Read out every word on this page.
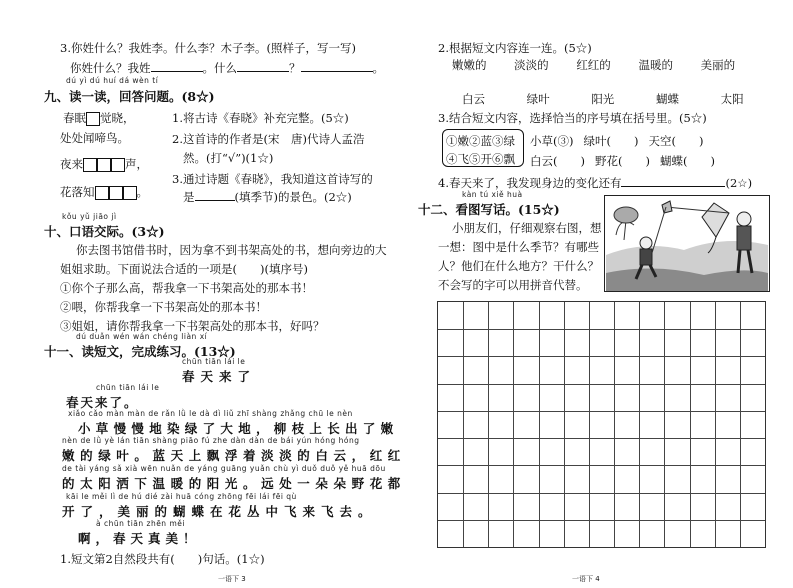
3.你姓什么？我姓李。什么李？木子李。(照样子，写一写)
你姓什么？我姓	。什么	？	。
dú yì dú huí dá wèn tí
九、读一读，回答问题。(8☆)
春眠 觉晓，
处处闻啼鸟。
夜来	声，
花落知	。
1.将古诗《春晓》补充完整。(5☆)
2.这首诗的作者是(宋　唐)代诗人孟浩
然。(打“√”)(1☆)
3.通过诗题《春晓》，我知道这首诗写的
是	(填季节)的景色。(2☆)
kǒu yǔ jiāo jì
十、口语交际。(3☆)
你去图书馆借书时，因为拿不到书架高处的书，想向旁边的大
姐姐求助。下面说法合适的一项是(　　)(填序号)
①你个子那么高，帮我拿一下书架高处的那本书！
②喂，你帮我拿一下书架高处的那本书！
③姐姐，请你帮我拿一下书架高处的那本书，好吗？
dú duǎn wén wán chéng liàn xí
十一、读短文，完成练习。(13☆)
chūn tiān lái le
春天来了
chūn tiān lái le
春天来了。
xiǎo cǎo màn màn de rǎn lǜ le dà dì liǔ zhī shàng zhǎng chū le nèn
小草慢慢地染绿了大地，柳枝上长出了嫩
nèn de lǜ yè lán tiān shàng piāo fú zhe dàn dàn de bái yún hóng hóng
嫩的绿叶。蓝天上飘浮着淡淡的白云，红红
de tài yáng sǎ xià wēn nuǎn de yáng guāng yuǎn chù yì duǒ duǒ yě huā dōu
的太阳洒下温暖的阳光。远处一朵朵野花都
kāi le měi lì de hú dié zài huā cóng zhōng fēi lái fēi qù
开了，美丽的蝴蝶在花丛中飞来飞去。
à chūn tiān zhēn měi
啊，春天真美！
1.短文第2自然段共有(　　)句话。(1☆)
一语下 3
2.根据短文内容连一连。(5☆)
嫩嫩的 淡淡的 红红的 温暖的 美丽的
白云	绿叶	阳光	蝴蝶	太阳
3.结合短文内容，选择恰当的序号填在括号里。(5☆)
①嫩②蓝③绿
④飞⑤开⑥飘
小草(③) 绿叶(　　) 天空(　　)
白云(　　) 野花(　　) 蝴蝶(　　)
4.春天来了，我发现身边的变化还有	(2☆)
kàn tú xiě huà
十二、看图写话。(15☆)
小朋友们，仔细观察右图，想
一想：图中是什么季节？有哪些
人？他们在什么地方？干什么？
不会写的字可以用拼音代替。
一语下 4
